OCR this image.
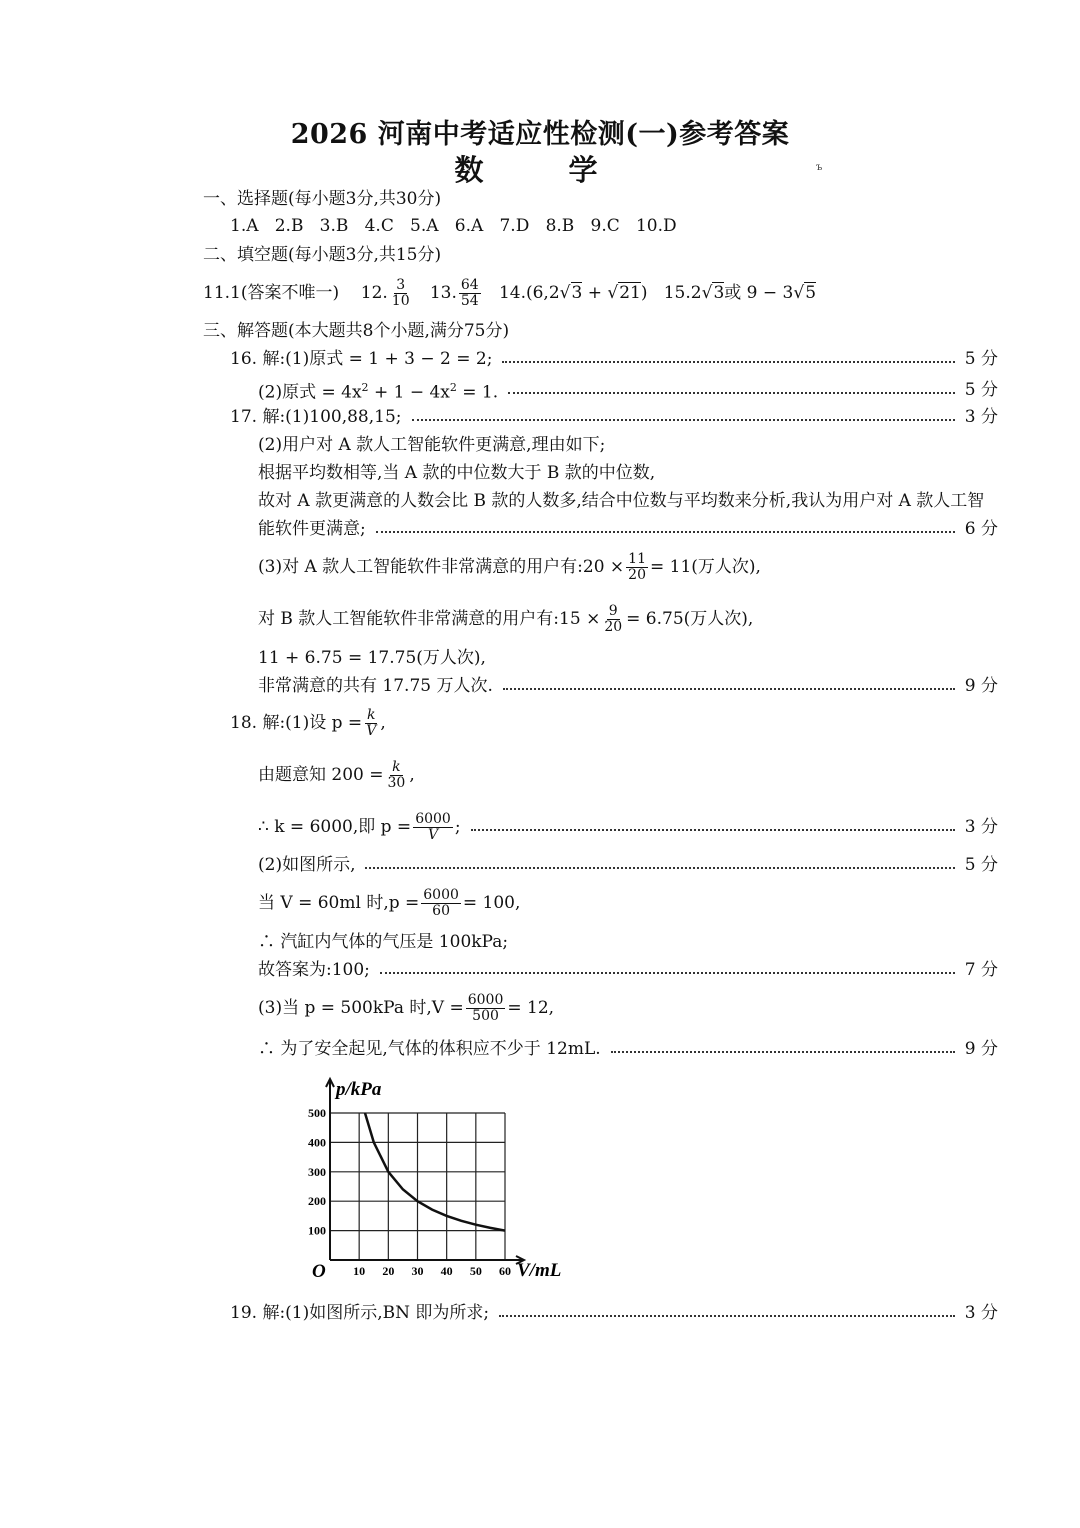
2026 河南中考适应性检测(一)参考答案
数　学	ъ
一、选择题(每小题3分,共30分)
1.A 2.B 3.B 4.C 5.A 6.A 7.D 8.B 9.C 10.D
二、填空题(每小题3分,共15分)
11.1(答案不唯一) 12. $\frac{3}{10} 13$. $\frac{64}{54} 14.(6,2√3 + √21)$ 15.2√3或 9 − 3√5
三、解答题(本大题共8个小题,满分75分)
16. 解:(1)原式 = 1 + 3 − 2 = 2;	5 分
(2)原式 = $4x^2 + 1 - 4x^2 = 1$.	5 分
17. 解:(1)100,88,15;	3 分
(2)用户对 A 款人工智能软件更满意,理由如下;
根据平均数相等,当 A 款的中位数大于 B 款的中位数,
故对 A 款更满意的人数会比 B 款的人数多,结合中位数与平均数来分析,我认为用户对 A 款人工智
能软件更满意;	6 分
(3)对 A 款人工智能软件非常满意的用户有:20 × $\frac{11}{20} = 11$(万人次),
对 B 款人工智能软件非常满意的用户有:15 × $\frac{9}{20} = 6.75$(万人次),
11 + 6.75 = 17.75(万人次),
非常满意的共有 17.75 万人次.	9 分
18. 解:(1)设 $p = \frac{k}{V}$ ,
由题意知 $200 = \frac{k}{30}$ ,
∴ k = 6000,即 $p = \frac{6000}{V}$ ;	3 分
(2)如图所示,	5 分
当 V = 60ml 时$,p = \frac{6000}{60} = 100$,
∴ 汽缸内气体的气压是 100kPa;
故答案为:100;	7 分
(3)当 p = 500kPa 时$,V = \frac{6000}{500} = 12$,
∴ 为了安全起见,气体的体积应不少于 12mL.	9 分
p/kPa
V/mL
O 10 20 30 40 50 60
100
200
300
400
500
19. 解:(1)如图所示,BN 即为所求;	3 分
